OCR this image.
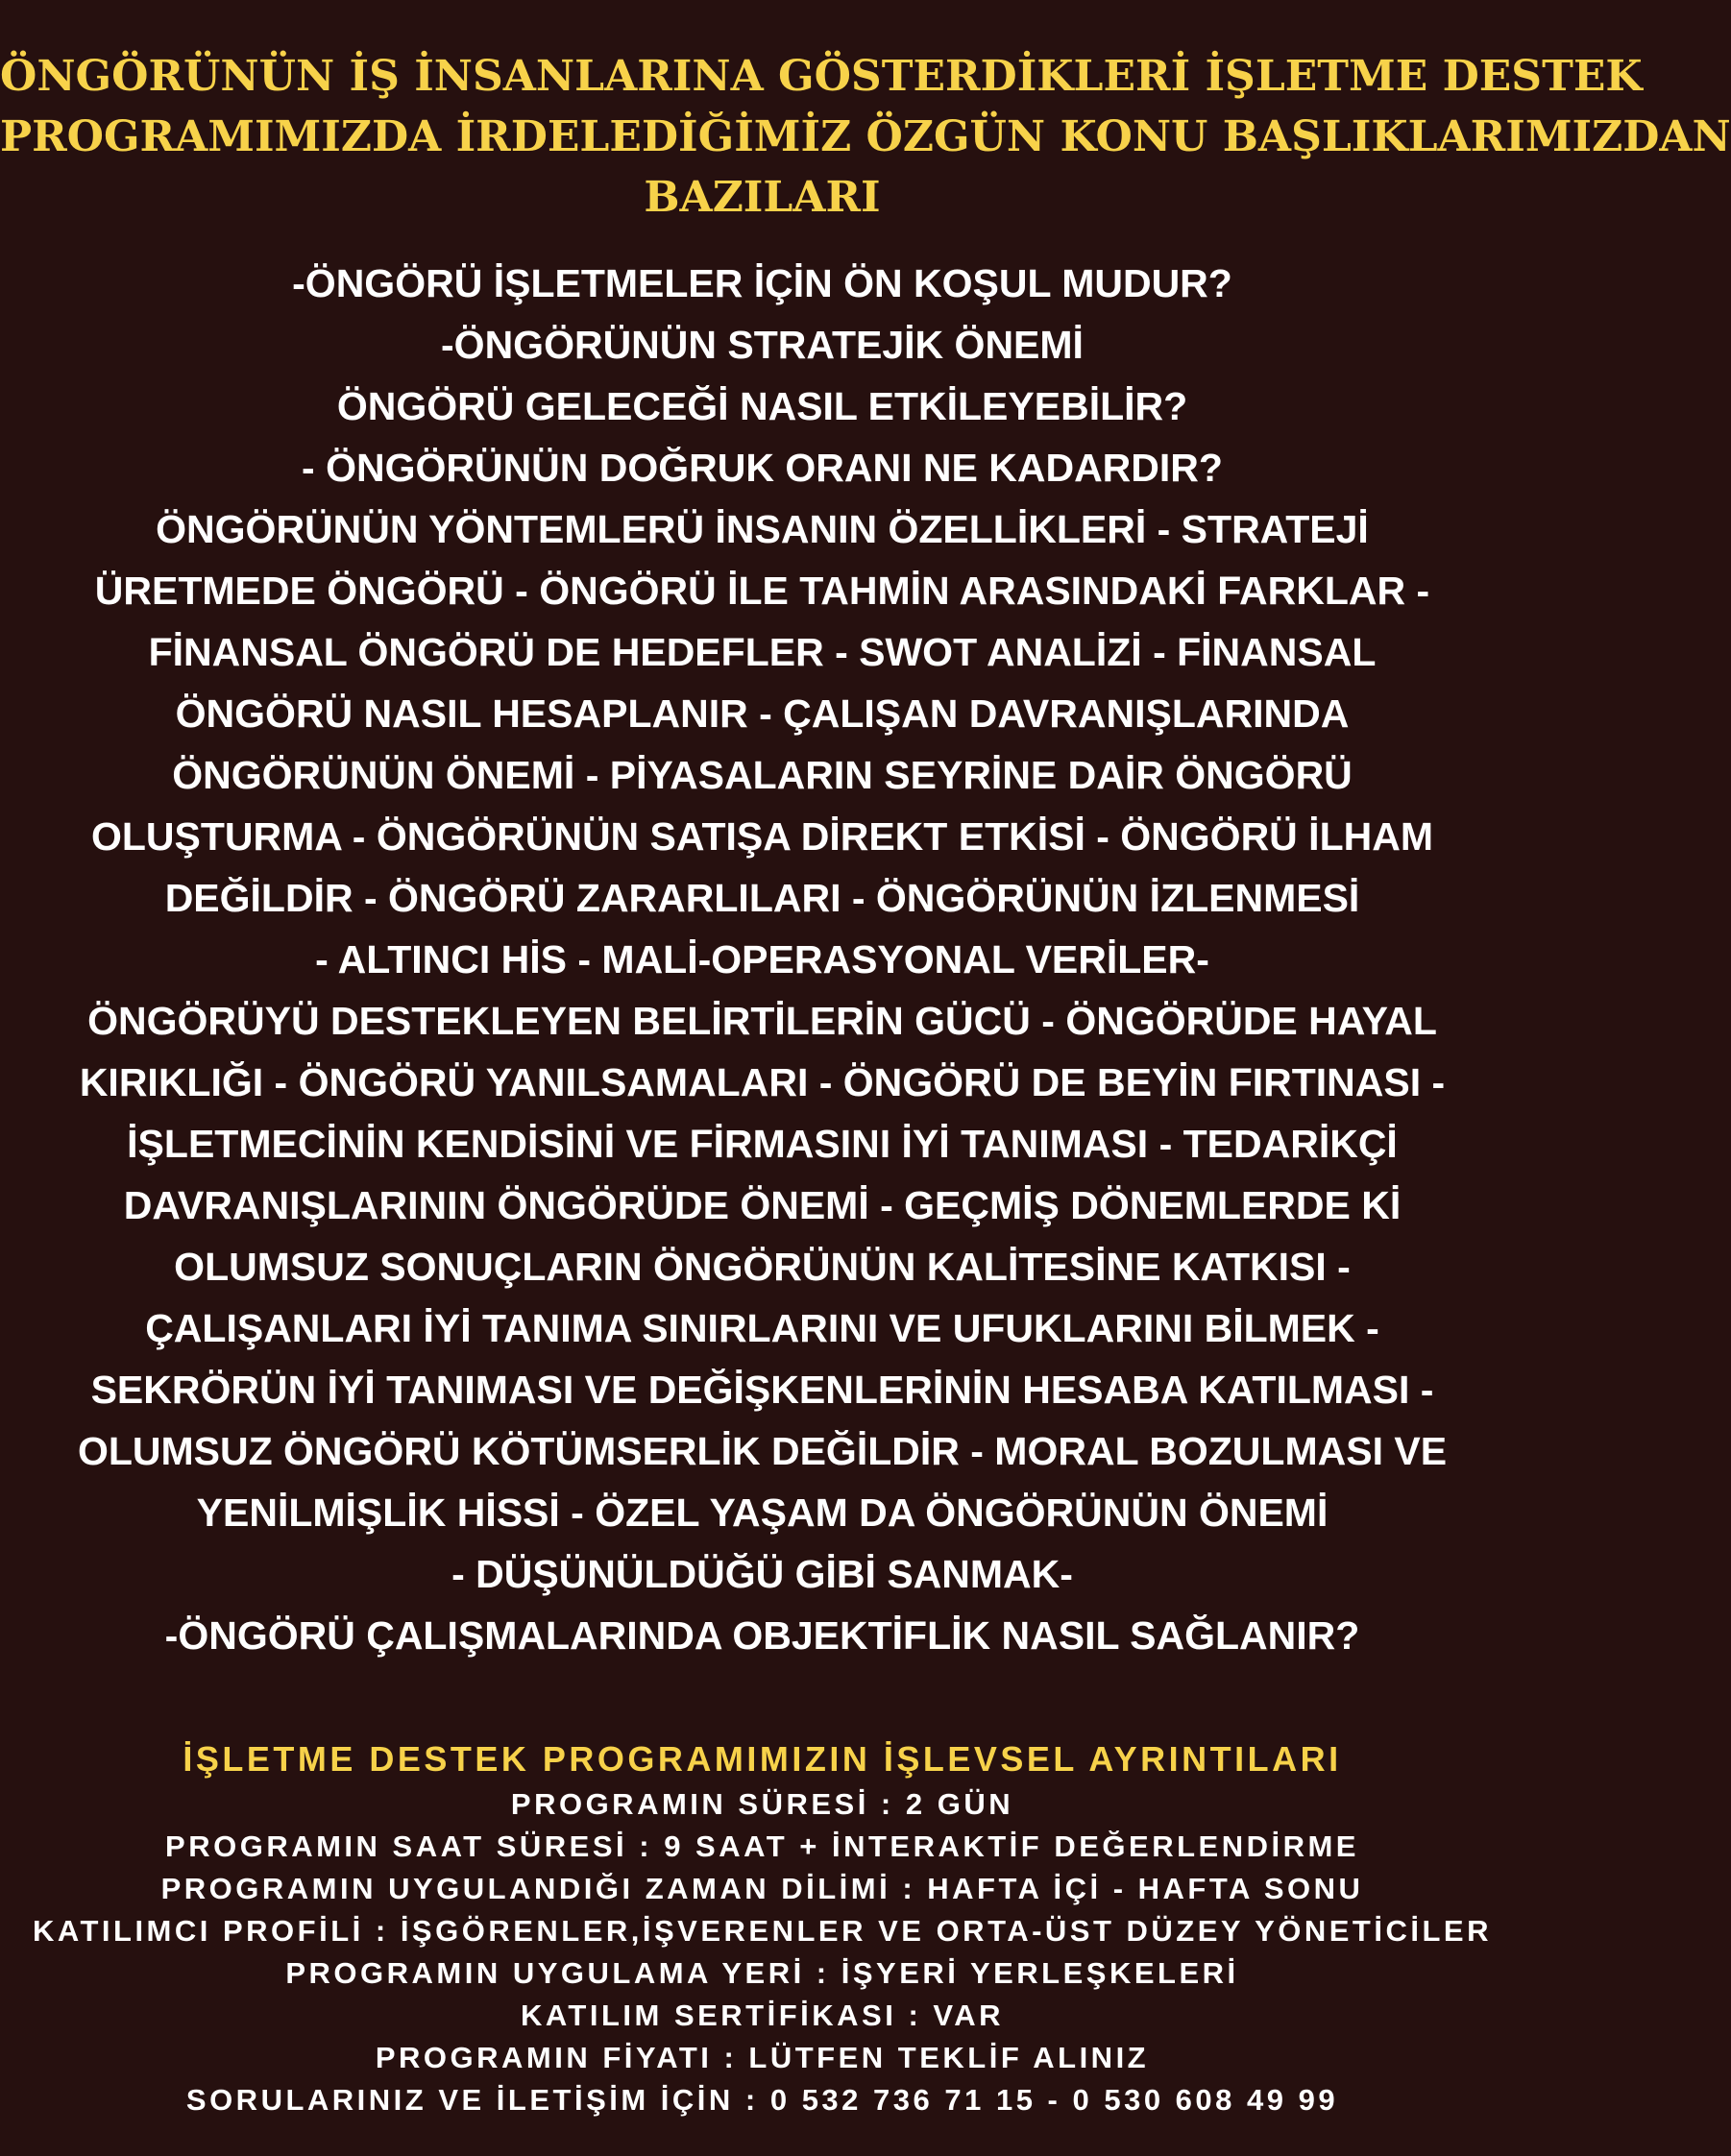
ÖNGÖRÜNÜN İŞ İNSANLARINA GÖSTERDİKLERİ İŞLETME DESTEK
PROGRAMIMIZDA İRDELEDİĞİMİZ ÖZGÜN KONU BAŞLIKLARIMIZDAN
BAZILARI
-ÖNGÖRÜ İŞLETMELER İÇİN ÖN KOŞUL MUDUR?
-ÖNGÖRÜNÜN STRATEJİK ÖNEMİ
ÖNGÖRÜ GELECEĞİ NASIL ETKİLEYEBİLİR?
- ÖNGÖRÜNÜN DOĞRUK ORANI NE KADARDIR?
ÖNGÖRÜNÜN YÖNTEMLERÜ İNSANIN ÖZELLİKLERİ - STRATEJİ
ÜRETMEDE ÖNGÖRÜ - ÖNGÖRÜ İLE TAHMİN ARASINDAKİ FARKLAR -
FİNANSAL ÖNGÖRÜ DE HEDEFLER - SWOT ANALİZİ - FİNANSAL
ÖNGÖRÜ NASIL HESAPLANIR - ÇALIŞAN DAVRANIŞLARINDA
ÖNGÖRÜNÜN ÖNEMİ - PİYASALARIN SEYRİNE DAİR ÖNGÖRÜ
OLUŞTURMA - ÖNGÖRÜNÜN SATIŞA DİREKT ETKİSİ - ÖNGÖRÜ İLHAM
DEĞİLDİR - ÖNGÖRÜ ZARARLILARI - ÖNGÖRÜNÜN İZLENMESİ
- ALTINCI HİS - MALİ-OPERASYONAL VERİLER-
ÖNGÖRÜYÜ DESTEKLEYEN BELİRTİLERİN GÜCÜ - ÖNGÖRÜDE HAYAL
KIRIKLIĞI - ÖNGÖRÜ YANILSAMALARI - ÖNGÖRÜ DE BEYİN FIRTINASI -
İŞLETMECİNİN KENDİSİNİ VE FİRMASINI İYİ TANIMASI - TEDARİKÇİ
DAVRANIŞLARININ ÖNGÖRÜDE ÖNEMİ - GEÇMİŞ DÖNEMLERDE Kİ
OLUMSUZ SONUÇLARIN ÖNGÖRÜNÜN KALİTESİNE KATKISI -
ÇALIŞANLARI İYİ TANIMA SINIRLARINI VE UFUKLARINI BİLMEK -
SEKRÖRÜN İYİ TANIMASI VE DEĞİŞKENLERİNİN HESABA KATILMASI -
OLUMSUZ ÖNGÖRÜ KÖTÜMSERLİK DEĞİLDİR - MORAL BOZULMASI VE
YENİLMİŞLİK HİSSİ - ÖZEL YAŞAM DA ÖNGÖRÜNÜN ÖNEMİ
- DÜŞÜNÜLDÜĞÜ GİBİ SANMAK-
-ÖNGÖRÜ ÇALIŞMALARINDA OBJEKTİFLİK NASIL SAĞLANIR?
İŞLETME DESTEK PROGRAMIMIZIN İŞLEVSEL AYRINTILARI
PROGRAMIN SÜRESİ : 2 GÜN
PROGRAMIN SAAT SÜRESİ : 9 SAAT + İNTERAKTİF DEĞERLENDİRME
PROGRAMIN UYGULANDIĞI ZAMAN DİLİMİ : HAFTA İÇİ - HAFTA SONU
KATILIMCI PROFİLİ : İŞGÖRENLER,İŞVERENLER VE ORTA-ÜST DÜZEY YÖNETİCİLER
PROGRAMIN UYGULAMA YERİ : İŞYERİ YERLEŞKELERİ
KATILIM SERTİFİKASI : VAR
PROGRAMIN FİYATI : LÜTFEN TEKLİF ALINIZ
SORULARINIZ VE İLETİŞİM İÇİN : 0 532 736 71 15 - 0 530 608 49 99
